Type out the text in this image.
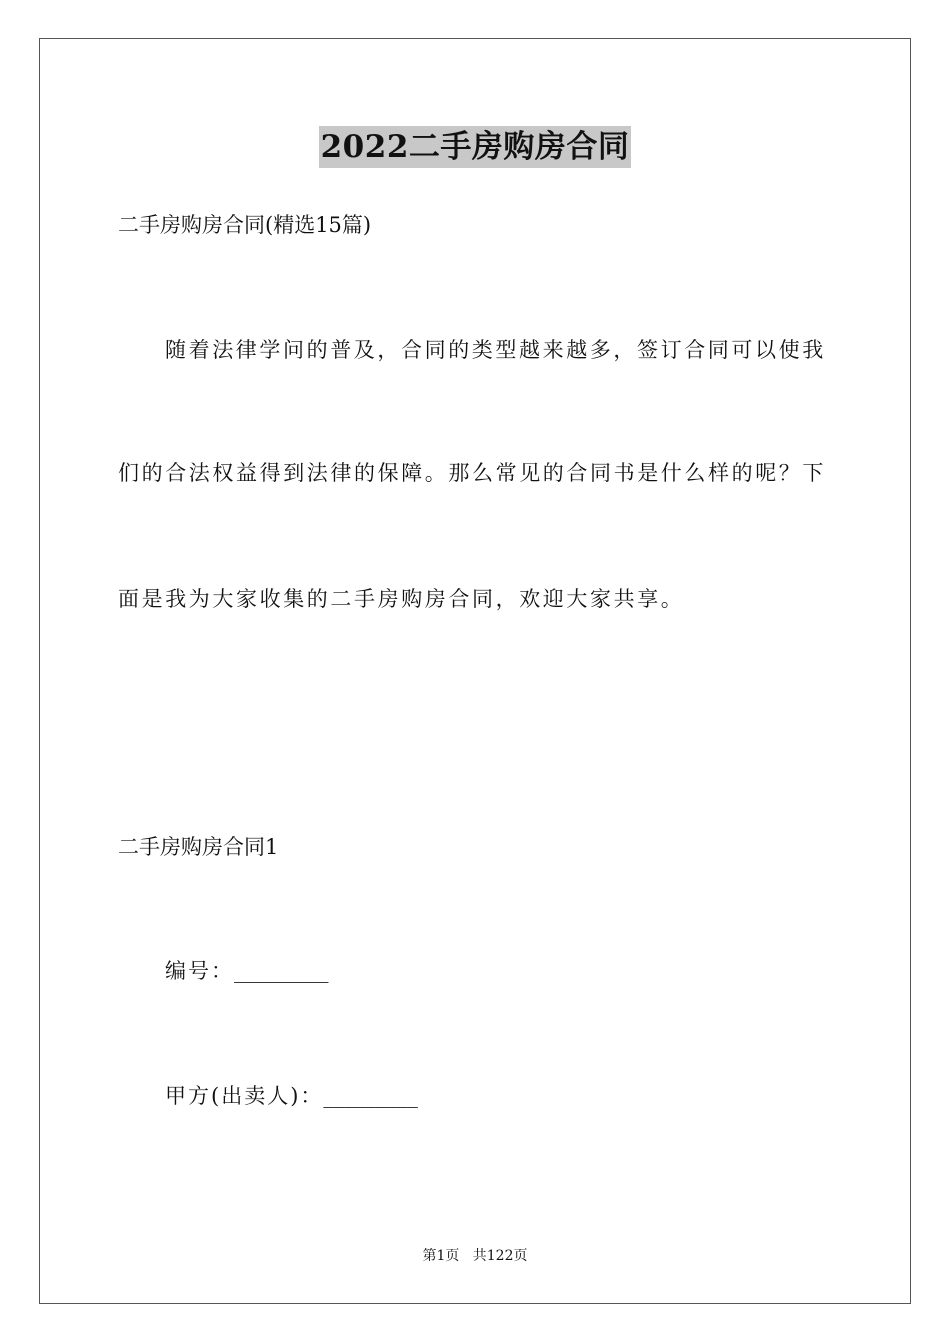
2022二手房购房合同
二手房购房合同(精选15篇)
随着法律学问的普及，合同的类型越来越多，签订合同可以使我
们的合法权益得到法律的保障。那么常见的合同书是什么样的呢？下
面是我为大家收集的二手房购房合同，欢迎大家共享。
二手房购房合同1
编号：_________
甲方(出卖人)：_________
第1页   共122页
